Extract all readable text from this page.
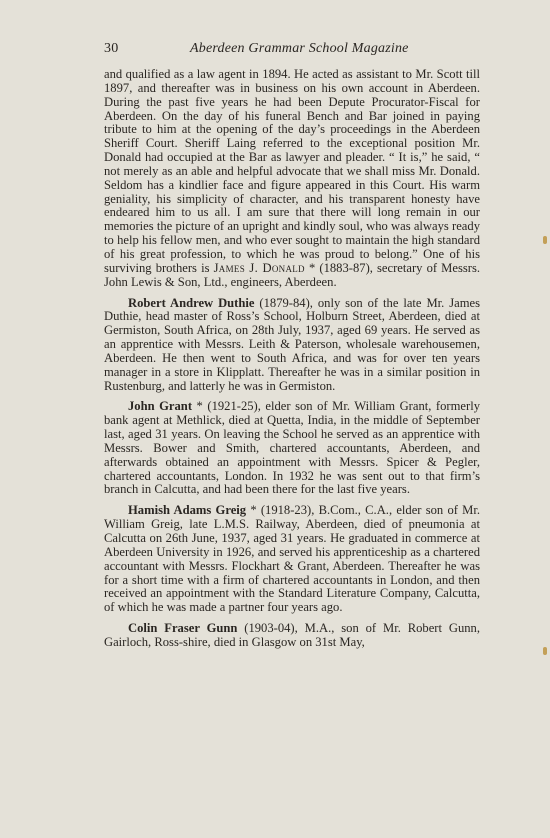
30	Aberdeen Grammar School Magazine

and qualified as a law agent in 1894. He acted as assistant to Mr. Scott till 1897, and thereafter was in business on his own account in Aberdeen. During the past five years he had been Depute Procurator-Fiscal for Aberdeen. On the day of his funeral Bench and Bar joined in paying tribute to him at the opening of the day’s proceedings in the Aberdeen Sheriff Court. Sheriff Laing referred to the exceptional position Mr. Donald had occupied at the Bar as lawyer and pleader. “ It is,” he said, “ not merely as an able and helpful advocate that we shall miss Mr. Donald. Seldom has a kindlier face and figure appeared in this Court. His warm geniality, his simplicity of character, and his transparent honesty have endeared him to us all. I am sure that there will long remain in our memories the picture of an upright and kindly soul, who was always ready to help his fellow men, and who ever sought to maintain the high standard of his great profession, to which he was proud to belong.” One of his surviving brothers is James J. Donald * (1883-87), secretary of Messrs. John Lewis & Son, Ltd., engineers, Aberdeen.

Robert Andrew Duthie (1879-84), only son of the late Mr. James Duthie, head master of Ross’s School, Holburn Street, Aberdeen, died at Germiston, South Africa, on 28th July, 1937, aged 69 years. He served as an apprentice with Messrs. Leith & Paterson, wholesale warehousemen, Aberdeen. He then went to South Africa, and was for over ten years manager in a store in Klipplatt. Thereafter he was in a similar position in Rustenburg, and latterly he was in Germiston.

John Grant * (1921-25), elder son of Mr. William Grant, formerly bank agent at Methlick, died at Quetta, India, in the middle of September last, aged 31 years. On leaving the School he served as an apprentice with Messrs. Bower and Smith, chartered accountants, Aberdeen, and afterwards obtained an appointment with Messrs. Spicer & Pegler, chartered accountants, London. In 1932 he was sent out to that firm’s branch in Calcutta, and had been there for the last five years.

Hamish Adams Greig * (1918-23), B.Com., C.A., elder son of Mr. William Greig, late L.M.S. Railway, Aberdeen, died of pneumonia at Calcutta on 26th June, 1937, aged 31 years. He graduated in commerce at Aberdeen University in 1926, and served his apprenticeship as a chartered accountant with Messrs. Flockhart & Grant, Aberdeen. Thereafter he was for a short time with a firm of chartered accountants in London, and then received an appointment with the Standard Literature Company, Calcutta, of which he was made a partner four years ago.

Colin Fraser Gunn (1903-04), M.A., son of Mr. Robert Gunn, Gairloch, Ross-shire, died in Glasgow on 31st May,
